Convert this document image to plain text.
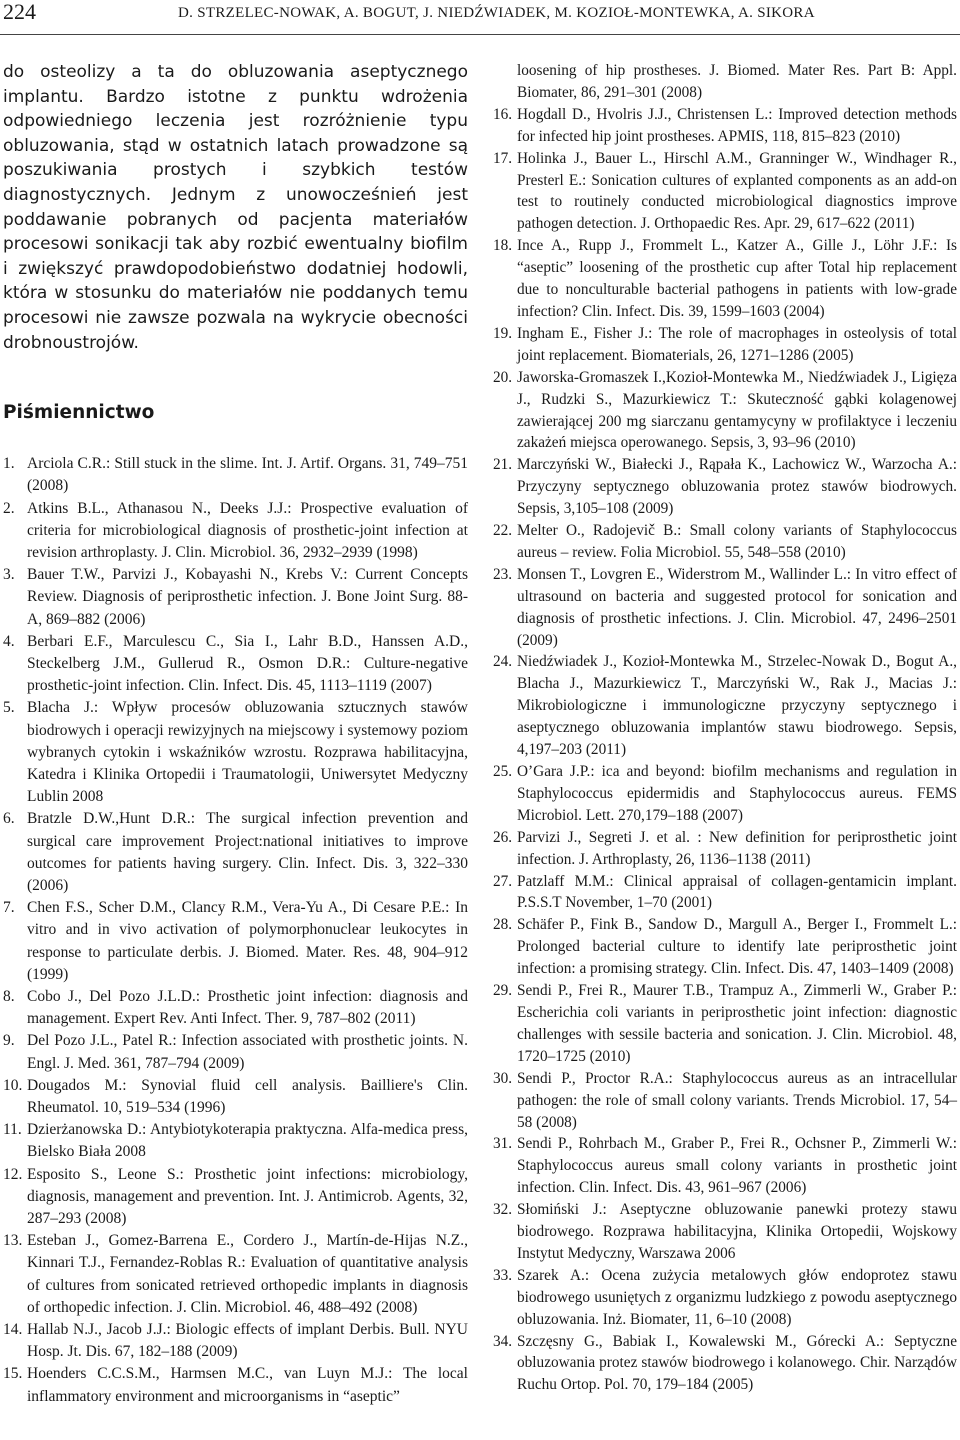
224	D. STRZELEC-NOWAK, A. BOGUT, J. NIEDŹWIADEK, M. KOZIOŁ-MONTEWKA, A. SIKORA

do osteolizy a ta do obluzowania aseptycznego implantu. Bardzo istotne z punktu wdrożenia odpowiedniego leczenia jest rozróżnienie typu obluzowania, stąd w ostatnich latach prowadzone są poszukiwania prostych i szybkich testów diagnostycznych. Jednym z unowocześnień jest poddawanie pobranych od pacjenta materiałów procesowi sonikacji tak aby rozbić ewentualny biofilm i zwiększyć prawdopodobieństwo dodatniej hodowli, która w stosunku do materiałów nie poddanych temu procesowi nie zawsze pozwala na wykrycie obecności drobnoustrojów.

Piśmiennictwo
1. Arciola C.R.: Still stuck in the slime. Int. J. Artif. Organs. 31, 749–751 (2008)
2. Atkins B.L., Athanasou N., Deeks J.J.: Prospective evaluation of criteria for microbiological diagnosis of prosthetic-joint infection at revision arthroplasty. J. Clin. Microbiol. 36, 2932–2939 (1998)
3. Bauer T.W., Parvizi J., Kobayashi N., Krebs V.: Current Concepts Review. Diagnosis of periprosthetic infection. J. Bone Joint Surg. 88-A, 869–882 (2006)
4. Berbari E.F., Marculescu C., Sia I., Lahr B.D., Hanssen A.D., Steckelberg J.M., Gullerud R., Osmon D.R.: Culture-negative prosthetic-joint infection. Clin. Infect. Dis. 45, 1113–1119 (2007)
5. Blacha J.: Wpływ procesów obluzowania sztucznych stawów biodrowych i operacji rewizyjnych na miejscowy i systemowy poziom wybranych cytokin i wskaźników wzrostu. Rozprawa habilitacyjna, Katedra i Klinika Ortopedii i Traumatologii, Uniwersytet Medyczny Lublin 2008
6. Bratzle D.W.,Hunt D.R.: The surgical infection prevention and surgical care improvement Project:national initiatives to improve outcomes for patients having surgery. Clin. Infect. Dis. 3, 322–330 (2006)
7. Chen F.S., Scher D.M., Clancy R.M., Vera-Yu A., Di Cesare P.E.: In vitro and in vivo activation of polymorphonuclear leukocytes in response to particulate derbis. J. Biomed. Mater. Res. 48, 904–912 (1999)
8. Cobo J., Del Pozo J.L.D.: Prosthetic joint infection: diagnosis and management. Expert Rev. Anti Infect. Ther. 9, 787–802 (2011)
9. Del Pozo J.L., Patel R.: Infection associated with prosthetic joints. N. Engl. J. Med. 361, 787–794 (2009)
10. Dougados M.: Synovial fluid cell analysis. Bailliere's Clin. Rheumatol. 10, 519–534 (1996)
11. Dzierżanowska D.: Antybiotykoterapia praktyczna. Alfa-medica press, Bielsko Biała 2008
12. Esposito S., Leone S.: Prosthetic joint infections: microbiology, diagnosis, management and prevention. Int. J. Antimicrob. Agents, 32, 287–293 (2008)
13. Esteban J., Gomez-Barrena E., Cordero J., Martín-de-Hijas N.Z., Kinnari T.J., Fernandez-Roblas R.: Evaluation of quantitative analysis of cultures from sonicated retrieved orthopedic implants in diagnosis of orthopedic infection. J. Clin. Microbiol. 46, 488–492 (2008)
14. Hallab N.J., Jacob J.J.: Biologic effects of implant Derbis. Bull. NYU Hosp. Jt. Dis. 67, 182–188 (2009)
15. Hoenders C.C.S.M., Harmsen M.C., van Luyn M.J.: The local inflammatory environment and microorganisms in “aseptic”
loosening of hip prostheses. J. Biomed. Mater Res. Part B: Appl. Biomater, 86, 291–301 (2008)
16. Hogdall D., Hvolris J.J., Christensen L.: Improved detection methods for infected hip joint prostheses. APMIS, 118, 815–823 (2010)
17. Holinka J., Bauer L., Hirschl A.M., Granninger W., Windhager R., Presterl E.: Sonication cultures of explanted components as an add-on test to routinely conducted microbiological diagnostics improve pathogen detection. J. Orthopaedic Res. Apr. 29, 617–622 (2011)
18. Ince A., Rupp J., Frommelt L., Katzer A., Gille J., Löhr J.F.: Is “aseptic” loosening of the prosthetic cup after Total hip replacement due to nonculturable bacterial pathogens in patients with low-grade infection? Clin. Infect. Dis. 39, 1599–1603 (2004)
19. Ingham E., Fisher J.: The role of macrophages in osteolysis of total joint replacement. Biomaterials, 26, 1271–1286 (2005)
20. Jaworska-Gromaszek I.,Kozioł-Montewka M., Niedźwiadek J., Ligięza J., Rudzki S., Mazurkiewicz T.: Skuteczność gąbki kolagenowej zawierającej 200 mg siarczanu gentamycyny w profilaktyce i leczeniu zakażeń miejsca operowanego. Sepsis, 3, 93–96 (2010)
21. Marczyński W., Białecki J., Rąpała K., Lachowicz W., Warzocha A.: Przyczyny septycznego obluzowania protez stawów biodrowych. Sepsis, 3,105–108 (2009)
22. Melter O., Radojevič B.: Small colony variants of Staphylococcus aureus – review. Folia Microbiol. 55, 548–558 (2010)
23. Monsen T., Lovgren E., Widerstrom M., Wallinder L.: In vitro effect of ultrasound on bacteria and suggested protocol for sonication and diagnosis of prosthetic infections. J. Clin. Microbiol. 47, 2496–2501 (2009)
24. Niedźwiadek J., Kozioł-Montewka M., Strzelec-Nowak D., Bogut A., Blacha J., Mazurkiewicz T., Marczyński W., Rak J., Macias J.: Mikrobiologiczne i immunologiczne przyczyny septycznego i aseptycznego obluzowania implantów stawu biodrowego. Sepsis, 4,197–203 (2011)
25. O’Gara J.P.: ica and beyond: biofilm mechanisms and regulation in Staphylococcus epidermidis and Staphylococcus aureus. FEMS Microbiol. Lett. 270,179–188 (2007)
26. Parvizi J., Segreti J. et al. : New definition for periprosthetic joint infection. J. Arthroplasty, 26, 1136–1138 (2011)
27. Patzlaff M.M.: Clinical appraisal of collagen-gentamicin implant. P.S.S.T November, 1–70 (2001)
28. Schäfer P., Fink B., Sandow D., Margull A., Berger I., Frommelt L.: Prolonged bacterial culture to identify late periprosthetic joint infection: a promising strategy. Clin. Infect. Dis. 47, 1403–1409 (2008)
29. Sendi P., Frei R., Maurer T.B., Trampuz A., Zimmerli W., Graber P.: Escherichia coli variants in periprosthetic joint infection: diagnostic challenges with sessile bacteria and sonication. J. Clin. Microbiol. 48, 1720–1725 (2010)
30. Sendi P., Proctor R.A.: Staphylococcus aureus as an intracellular pathogen: the role of small colony variants. Trends Microbiol. 17, 54–58 (2008)
31. Sendi P., Rohrbach M., Graber P., Frei R., Ochsner P., Zimmerli W.: Staphylococcus aureus small colony variants in prosthetic joint infection. Clin. Infect. Dis. 43, 961–967 (2006)
32. Słomiński J.: Aseptyczne obluzowanie panewki protezy stawu biodrowego. Rozprawa habilitacyjna, Klinika Ortopedii, Wojskowy Instytut Medyczny, Warszawa 2006
33. Szarek A.: Ocena zużycia metalowych głów endoprotez stawu biodrowego usuniętych z organizmu ludzkiego z powodu aseptycznego obluzowania. Inż. Biomater, 11, 6–10 (2008)
34. Szczęsny G., Babiak I., Kowalewski M., Górecki A.: Septyczne obluzowania protez stawów biodrowego i kolanowego. Chir. Narządów Ruchu Ortop. Pol. 70, 179–184 (2005)
